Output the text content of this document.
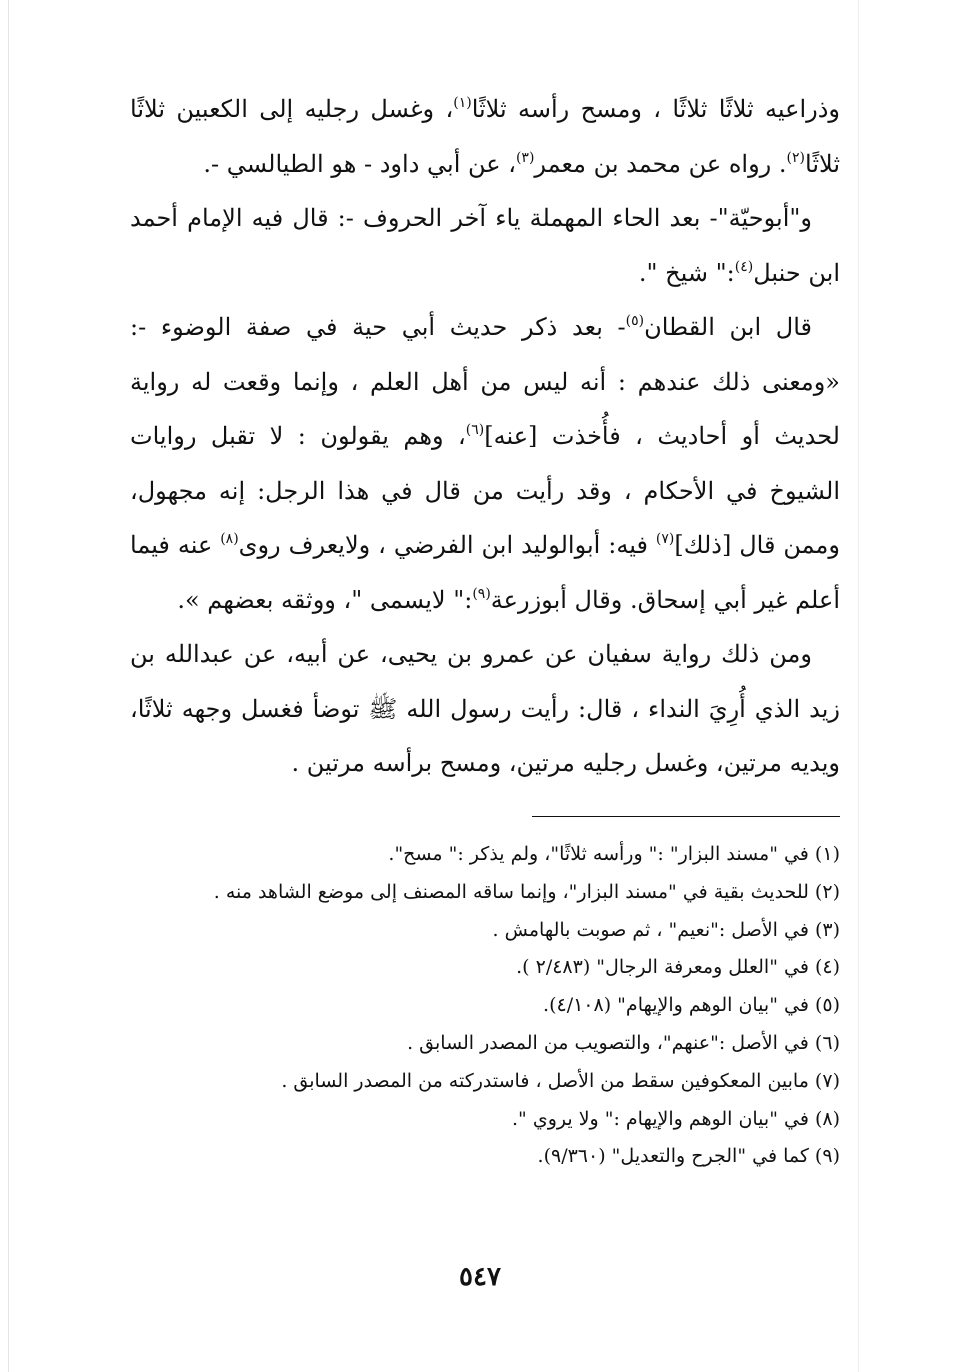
وذراعيه ثلاثًا ثلاثًا ، ومسح رأسه ثلاثًا$^{(١)}$، وغسل رجليه إلى الكعبين ثلاثًا ثلاثًا$^{(٢)}$. رواه عن محمد بن معمر$^{(٣)}$، عن أبي داود - هو الطيالسي -.

و"أبوحيّة"- بعد الحاء المهملة ياء آخر الحروف -: قال فيه الإمام أحمد ابن حنبل$^{(٤)}$:" شيخ ".

قال ابن القطان$^{(٥)}$- بعد ذكر حديث أبي حية في صفة الوضوء -: «ومعنى ذلك عندهم : أنه ليس من أهل العلم ، وإنما وقعت له رواية لحديث أو أحاديث ، فأُخذت [عنه]$^{(٦)}$، وهم يقولون : لا تقبل روايات الشيوخ في الأحكام ، وقد رأيت من قال في هذا الرجل: إنه مجهول، وممن قال [ذلك]$^{(٧)}$ فيه: أبوالوليد ابن الفرضي ، ولايعرف روى$^{(٨)}$ عنه فيما أعلم غير أبي إسحاق. وقال أبوزرعة$^{(٩)}$:" لايسمى "، ووثقه بعضهم ».

ومن ذلك رواية سفيان عن عمرو بن يحيى، عن أبيه، عن عبدالله بن زيد الذي أُرِيَ النداء ، قال: رأيت رسول الله ﷺ توضأ فغسل وجهه ثلاثًا، ويديه مرتين، وغسل رجليه مرتين، ومسح برأسه مرتين .

(١) في "مسند البزار" :" ورأسه ثلاثًا"، ولم يذكر :" مسح".
(٢) للحديث بقية في "مسند البزار"، وإنما ساقه المصنف إلى موضع الشاهد منه .
(٣) في الأصل :"نعيم" ، ثم صوبت بالهامش .
(٤) في "العلل ومعرفة الرجال" (٢/٤٨٣ ).
(٥) في "بيان الوهم والإيهام" (٤/١٠٨).
(٦) في الأصل :"عنهم"، والتصويب من المصدر السابق .
(٧) مابين المعكوفين سقط من الأصل ، فاستدركته من المصدر السابق .
(٨) في "بيان الوهم والإيهام :" ولا يروي ".
(٩) كما في "الجرح والتعديل" (٩/٣٦٠).
٥٤٧
